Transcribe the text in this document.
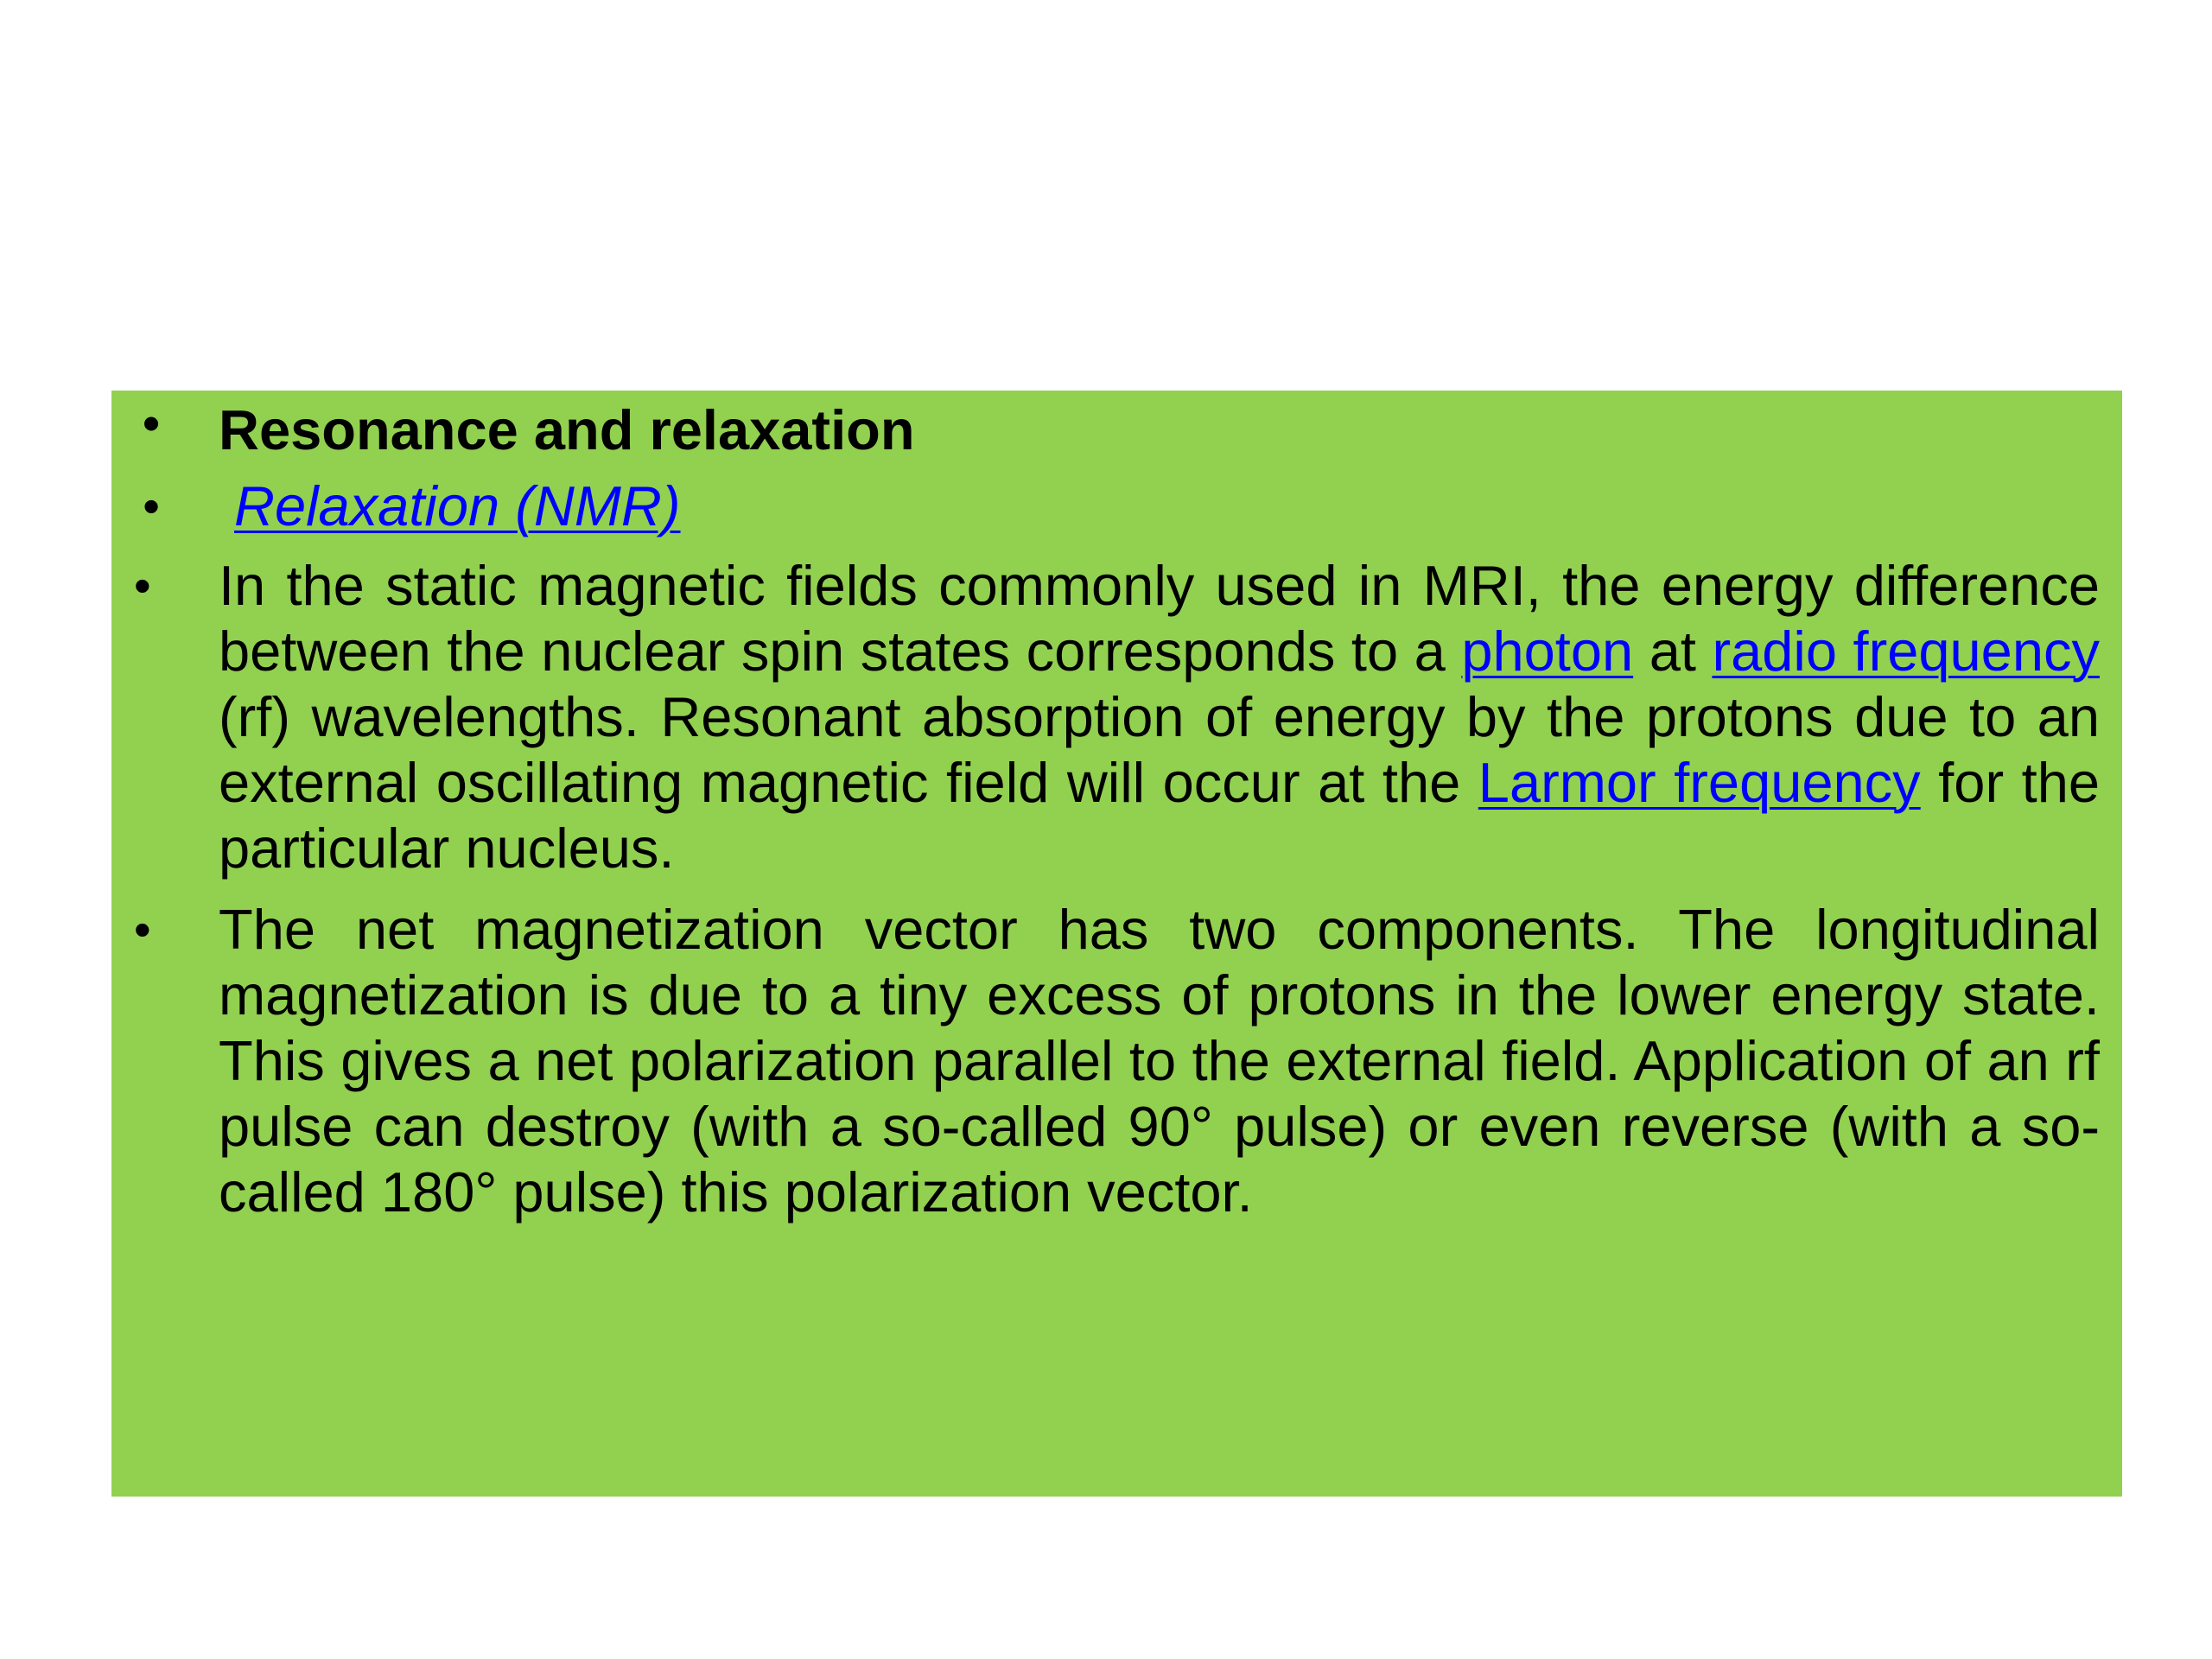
• Resonance and relaxation
• Relaxation (NMR)
•	In the static magnetic fields commonly used in MRI, the energy difference between the nuclear spin states corresponds to a photon at radio frequency (rf) wavelengths. Resonant absorption of energy by the protons due to an external oscillating magnetic field will occur at the Larmor frequency for the particular nucleus.
•	The net magnetization vector has two components. The longitudinal magnetization is due to a tiny excess of protons in the lower energy state. This gives a net polarization parallel to the external field. Application of an rf pulse can destroy (with a so-called 90° pulse) or even reverse (with a so-called 180° pulse) this polarization vector.
